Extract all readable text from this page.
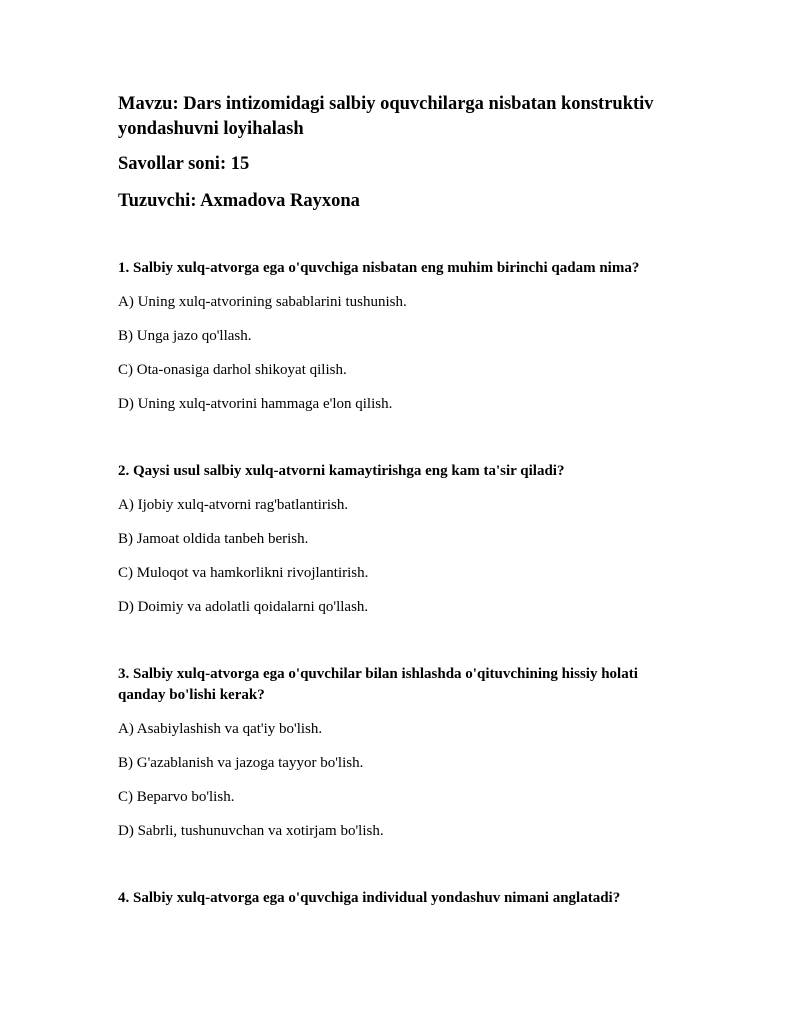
Mavzu: Dars intizomidagi salbiy oquvchilarga nisbatan konstruktiv yondashuvni loyihalash
Savollar soni: 15
Tuzuvchi: Axmadova Rayxona
1. Salbiy xulq-atvorga ega o'quvchiga nisbatan eng muhim birinchi qadam nima?
A) Uning xulq-atvorining sabablarini tushunish.
B) Unga jazo qo'llash.
C) Ota-onasiga darhol shikoyat qilish.
D) Uning xulq-atvorini hammaga e'lon qilish.
2. Qaysi usul salbiy xulq-atvorni kamaytirishga eng kam ta'sir qiladi?
A) Ijobiy xulq-atvorni rag'batlantirish.
B) Jamoat oldida tanbeh berish.
C) Muloqot va hamkorlikni rivojlantirish.
D) Doimiy va adolatli qoidalarni qo'llash.
3. Salbiy xulq-atvorga ega o'quvchilar bilan ishlashda o'qituvchining hissiy holati qanday bo'lishi kerak?
A) Asabiylashish va qat'iy bo'lish.
B) G'azablanish va jazoga tayyor bo'lish.
C) Beparvo bo'lish.
D) Sabrli, tushunuvchan va xotirjam bo'lish.
4. Salbiy xulq-atvorga ega o'quvchiga individual yondashuv nimani anglatadi?
